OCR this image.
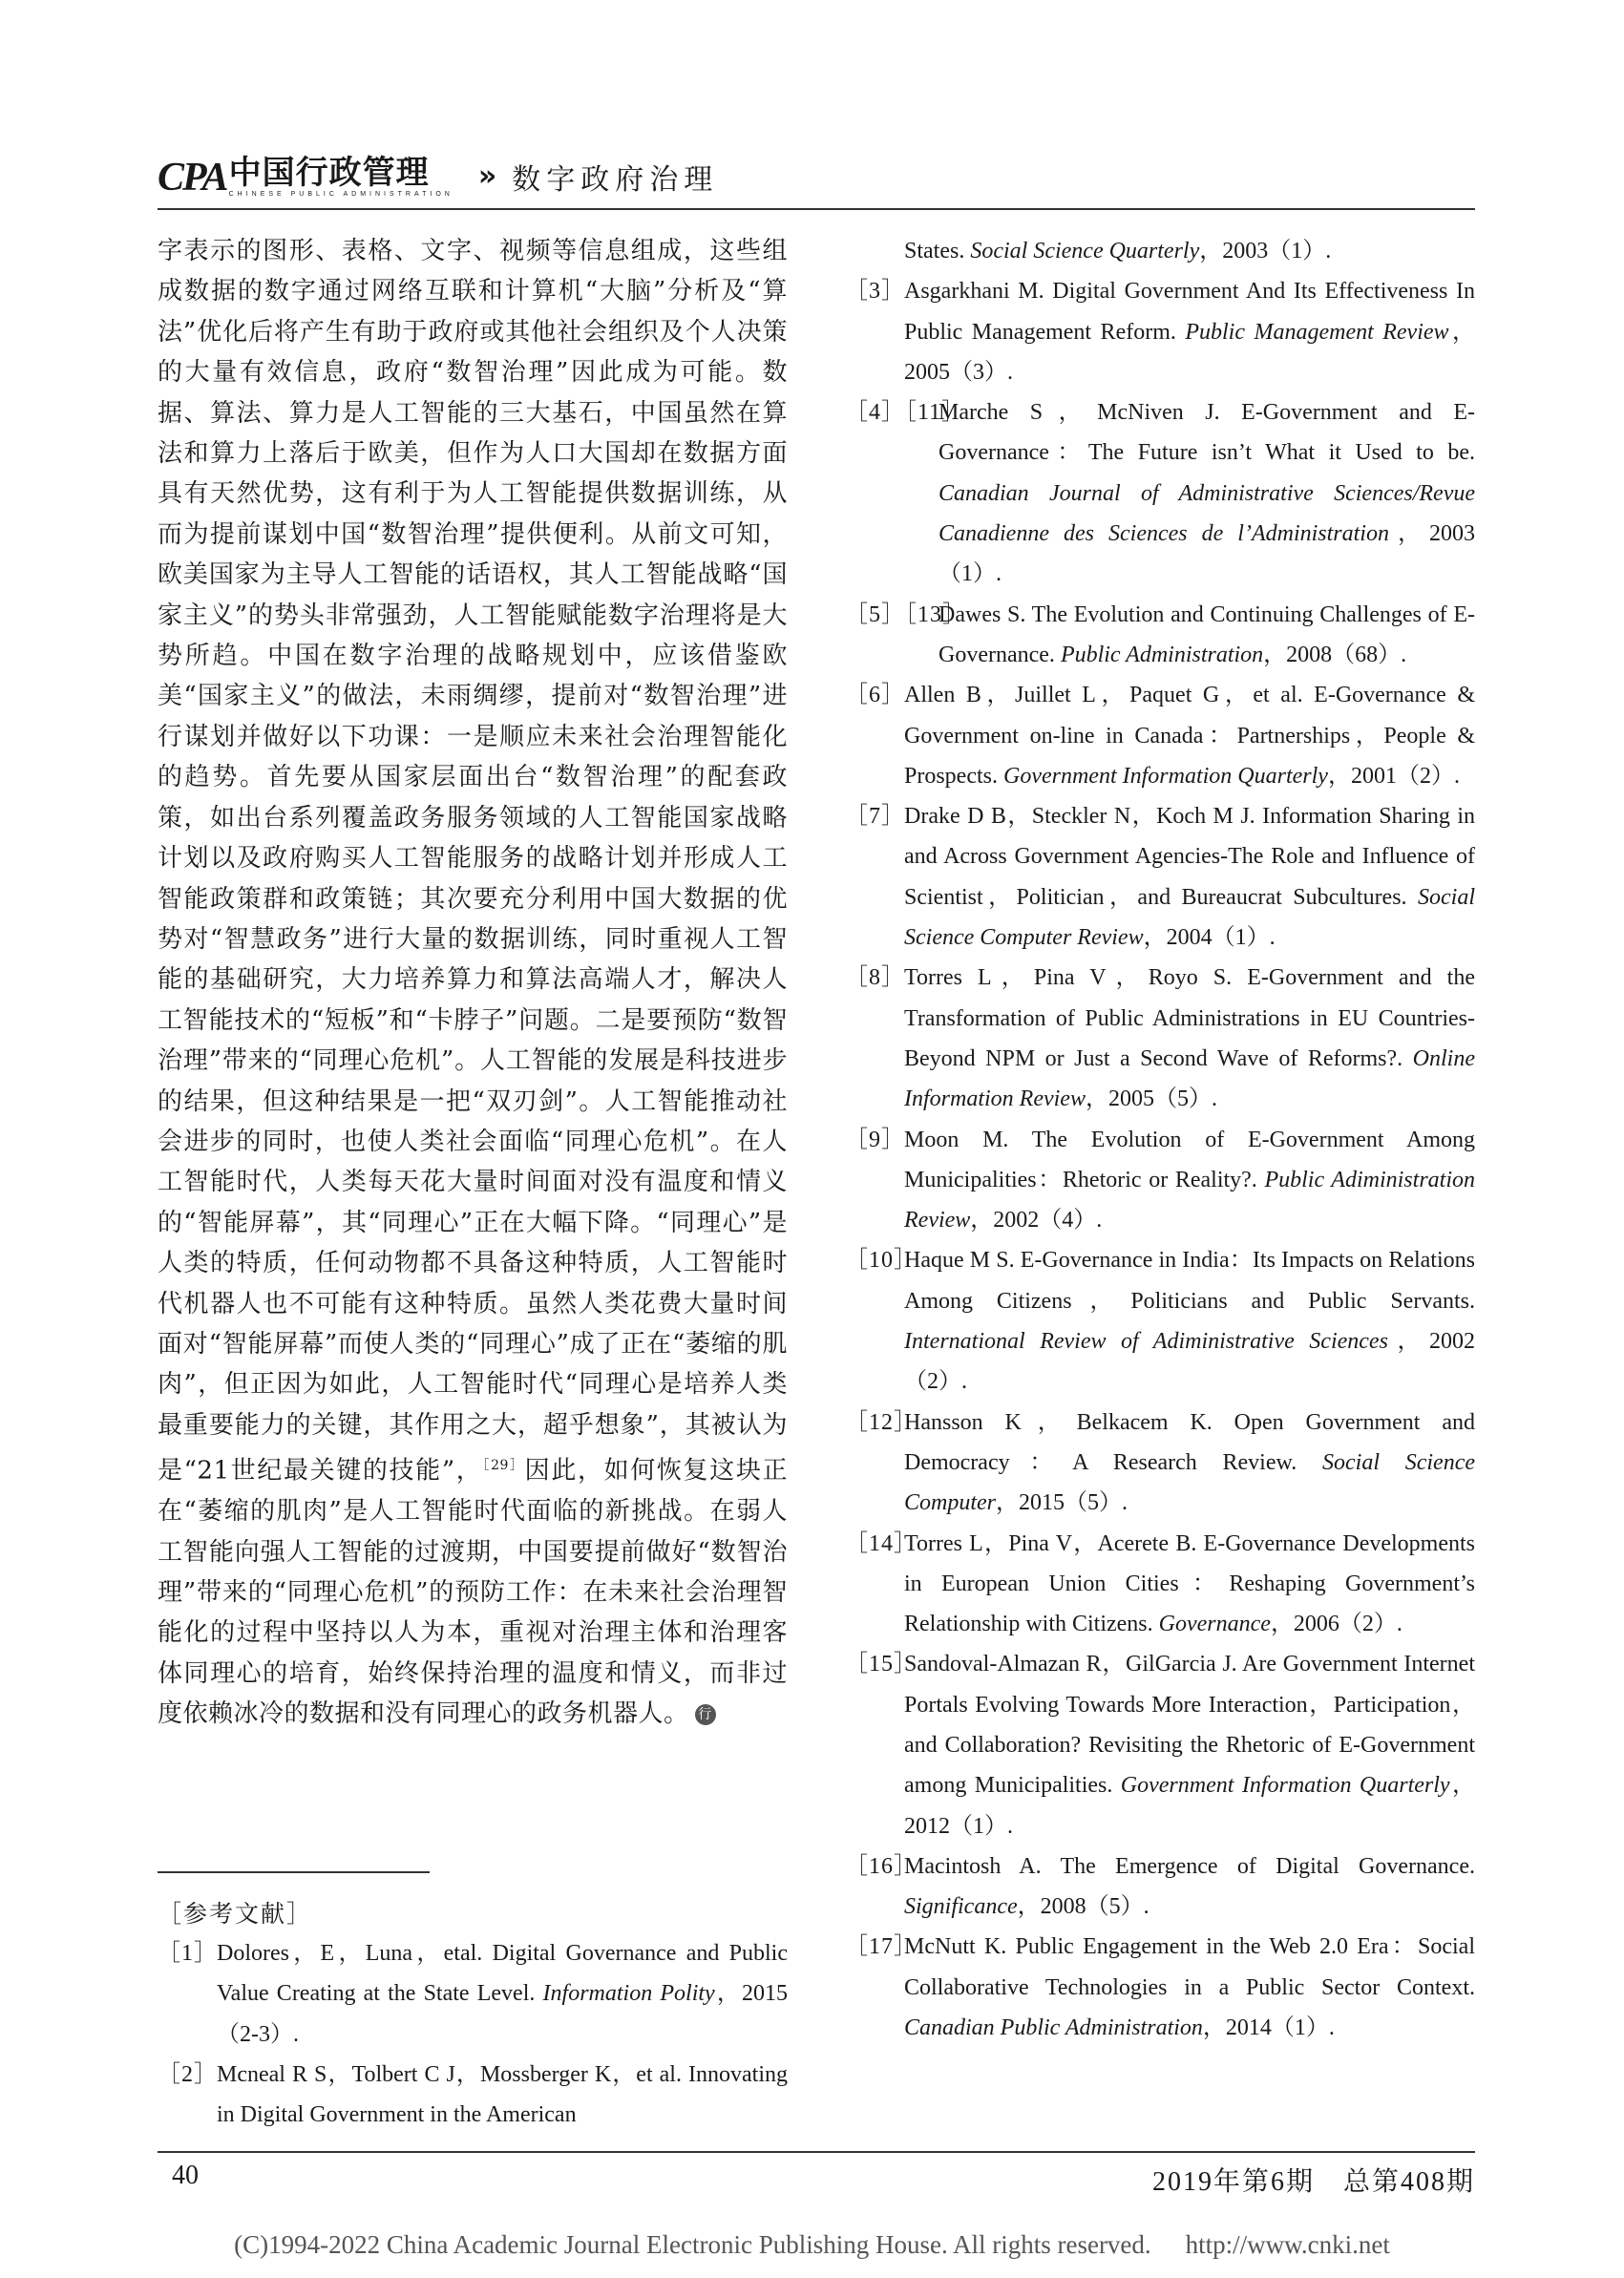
CPA 中国行政管理
CHINESE PUBLIC ADMINISTRATION
» 数字政府治理
字表示的图形、表格、文字、视频等信息组成，这些组成数据的数字通过网络互联和计算机“大脑”分析及“算法”优化后将产生有助于政府或其他社会组织及个人决策的大量有效信息，政府“数智治理”因此成为可能。数据、算法、算力是人工智能的三大基石，中国虽然在算法和算力上落后于欧美，但作为人口大国却在数据方面具有天然优势，这有利于为人工智能提供数据训练，从而为提前谋划中国“数智治理”提供便利。从前文可知，欧美国家为主导人工智能的话语权，其人工智能战略“国家主义”的势头非常强劲，人工智能赋能数字治理将是大势所趋。中国在数字治理的战略规划中，应该借鉴欧美“国家主义”的做法，未雨绸缪，提前对“数智治理”进行谋划并做好以下功课：一是顺应未来社会治理智能化的趋势。首先要从国家层面出台“数智治理”的配套政策，如出台系列覆盖政务服务领域的人工智能国家战略计划以及政府购买人工智能服务的战略计划并形成人工智能政策群和政策链；其次要充分利用中国大数据的优势对“智慧政务”进行大量的数据训练，同时重视人工智能的基础研究，大力培养算力和算法高端人才，解决人工智能技术的“短板”和“卡脖子”问题。二是要预防“数智治理”带来的“同理心危机”。人工智能的发展是科技进步的结果，但这种结果是一把“双刃剑”。人工智能推动社会进步的同时，也使人类社会面临“同理心危机”。在人工智能时代，人类每天花大量时间面对没有温度和情义的“智能屏幕”，其“同理心”正在大幅下降。“同理心”是人类的特质，任何动物都不具备这种特质，人工智能时代机器人也不可能有这种特质。虽然人类花费大量时间面对“智能屏幕”而使人类的“同理心”成了正在“萎缩的肌肉”，但正因为如此，人工智能时代“同理心是培养人类最重要能力的关键，其作用之大，超乎想象”，其被认为是“21世纪最关键的技能”，$^{[29]}$因此，如何恢复这块正在“萎缩的肌肉”是人工智能时代面临的新挑战。在弱人工智能向强人工智能的过渡期，中国要提前做好“数智治理”带来的“同理心危机”的预防工作：在未来社会治理智能化的过程中坚持以人为本，重视对治理主体和治理客体同理心的培育，始终保持治理的温度和情义，而非过度依赖冰冷的数据和没有同理心的政务机器人。 行
［参考文献］
［1］ Dolores，E，Luna，etal. Digital Governance and Public Value Creating at the State Level. Information Polity，2015（2-3）.
［2］ Mcneal R S，Tolbert C J，Mossberger K，et al. Innovating in Digital Government in the American
States. Social Science Quarterly，2003（1）.
［3］ Asgarkhani M. Digital Government And Its Effectiveness In Public Management Reform. Public Management Review，2005（3）.
［4］［11］
Marche S，McNiven J. E-Government and E-Governance：The Future isn’t What it Used to be. Canadian Journal of Administrative Sciences/Revue Canadienne des Sciences de l’Administration，2003（1）.
［5］［13］
Dawes S. The Evolution and Continuing Challenges of E-Governance. Public Administration，2008（68）.
［6］ Allen B，Juillet L，Paquet G，et al. E-Governance & Government on-line in Canada：Partnerships，People & Prospects. Government Information Quarterly，2001（2）.
［7］ Drake D B，Steckler N，Koch M J. Information Sharing in and Across Government Agencies-The Role and Influence of Scientist，Politician，and Bureaucrat Subcultures. Social Science Computer Review，2004（1）.
［8］ Torres L，Pina V，Royo S. E-Government and the Transformation of Public Administrations in EU Countries-Beyond NPM or Just a Second Wave of Reforms?. Online Information Review，2005（5）.
［9］ Moon M. The Evolution of E-Government Among Municipalities：Rhetoric or Reality?. Public Adiministration Review，2002（4）.
［10］
Haque M S. E-Governance in India：Its Impacts on Relations Among Citizens，Politicians and Public Servants. International Review of Adiministrative Sciences，2002（2）.
［12］
Hansson K，Belkacem K. Open Government and Democracy：A Research Review. Social Science Computer，2015（5）.
［14］
Torres L，Pina V，Acerete B. E-Governance Developments in European Union Cities：Reshaping Government’s Relationship with Citizens. Governance，2006（2）.
［15］
Sandoval-Almazan R，GilGarcia J. Are Government Internet Portals Evolving Towards More Interaction，Participation，and Collaboration? Revisiting the Rhetoric of E-Government among Municipalities. Government Information Quarterly，2012（1）.
［16］
Macintosh A. The Emergence of Digital Governance. Significance，2008（5）.
［17］
McNutt K. Public Engagement in the Web 2.0 Era：Social Collaborative Technologies in a Public Sector Context. Canadian Public Administration，2014（1）.
40	2019年第6期　总第408期
(C)1994-2022 China Academic Journal Electronic Publishing House. All rights reserved. http://www.cnki.net
